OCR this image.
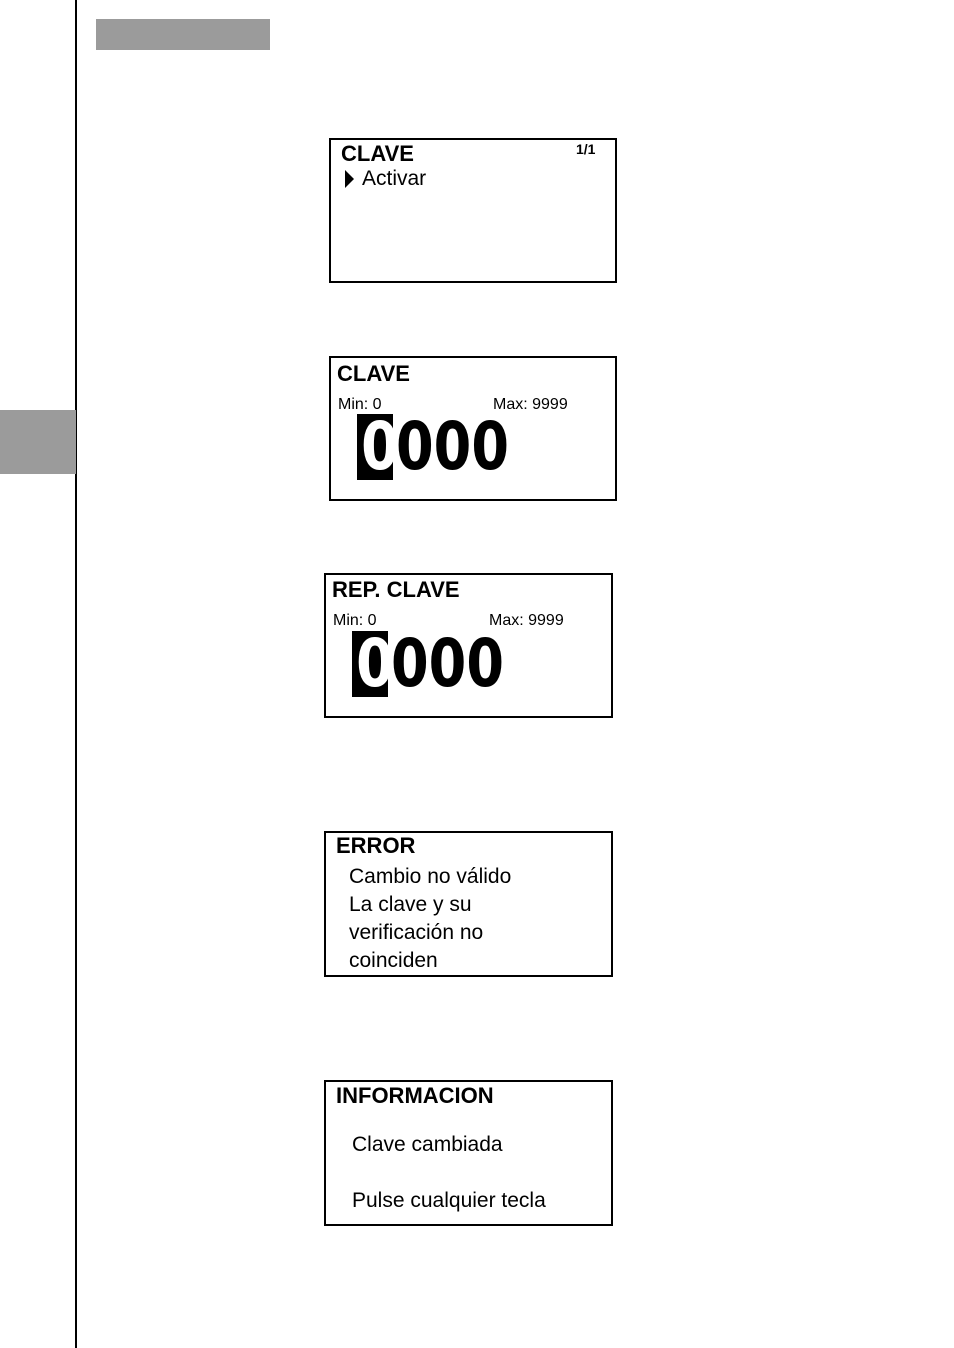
CLAVE	1/1
Activar
CLAVE
Min: 0	Max: 9999
0
000
REP. CLAVE
Min: 0	Max: 9999
0
000
ERROR
Cambio no válido
La clave y su
verificación no
coinciden
INFORMACION
Clave cambiada
Pulse cualquier tecla
